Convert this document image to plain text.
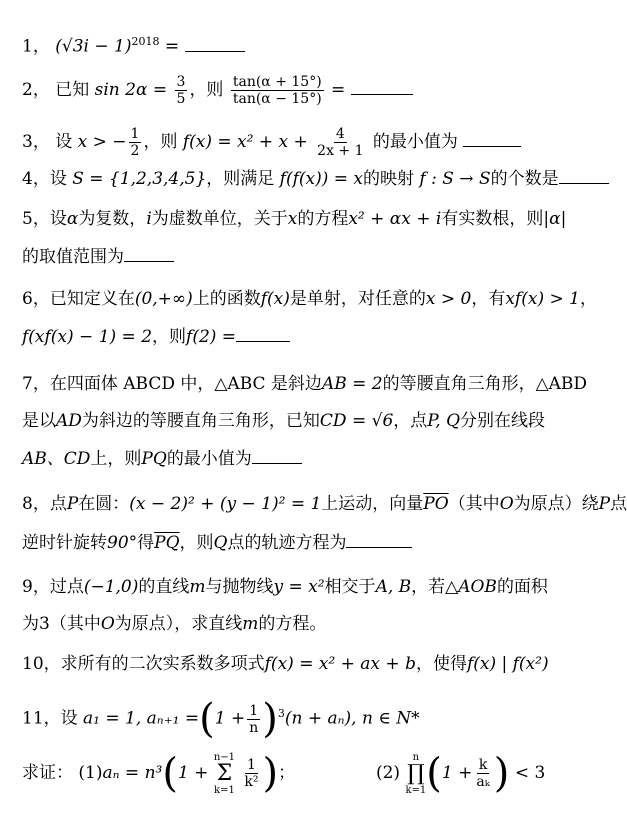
1， $(√3i - 1)^{2018}$ =
2， 已知 $\sin 2\alpha = \frac{3}{5}$ ，则 $\frac{\tan(\alpha + 15^\circ)}{\tan(\alpha - 15^\circ)}$ =
3， 设 x > − $\frac{1}{2}$ ，则 $f(x) = x^2 + x + \frac{4}{2x + 1}$ 的最小值为
4，设 S = {1,2,3,4,5}，则满足 f(f(x)) = x的映射 f : S → S的个数是
5，设α为复数，i为虚数单位，关于x的方程x² + αx + i有实数根，则|α|
的取值范围为
6，已知定义在(0,+∞)上的函数f(x)是单射，对任意的x > 0，有xf(x) > 1，
f(xf(x) − 1) = 2，则f(2) =
7，在四面体 ABCD 中，△ABC 是斜边AB = 2的等腰直角三角形，△ABD
是以AD为斜边的等腰直角三角形，已知CD = √6，点P, Q分别在线段
AB、CD上，则PQ的最小值为
8，点P在圆：(x − 2)² + (y − 1)² = 1上运动，向量$\overline{PO}$（其中O为原点）绕P点
逆时针旋转90°得$\overline{PQ}$，则Q点的轨迹方程为
9，过点(−1,0)的直线m与抛物线y = x²相交于A, B，若△AOB的面积
为3（其中O为原点），求直线m的方程。
10，求所有的二次实系数多项式f(x) = x² + ax + b，使得f(x) | f(x²)
11，设 a₁ = 1, $a_{n+1} =(1 + \frac{1}{n} )^3(n + a_n)$, n ∈ N*
求证： (1)aₙ = n³(1 +
n−1
Σ
k=1
$\frac{1}{\text{k²}}$ )；	(2)
n
∏
k=1 ($1 + \frac{k}{\text{aₖ}}$ ) < 3
